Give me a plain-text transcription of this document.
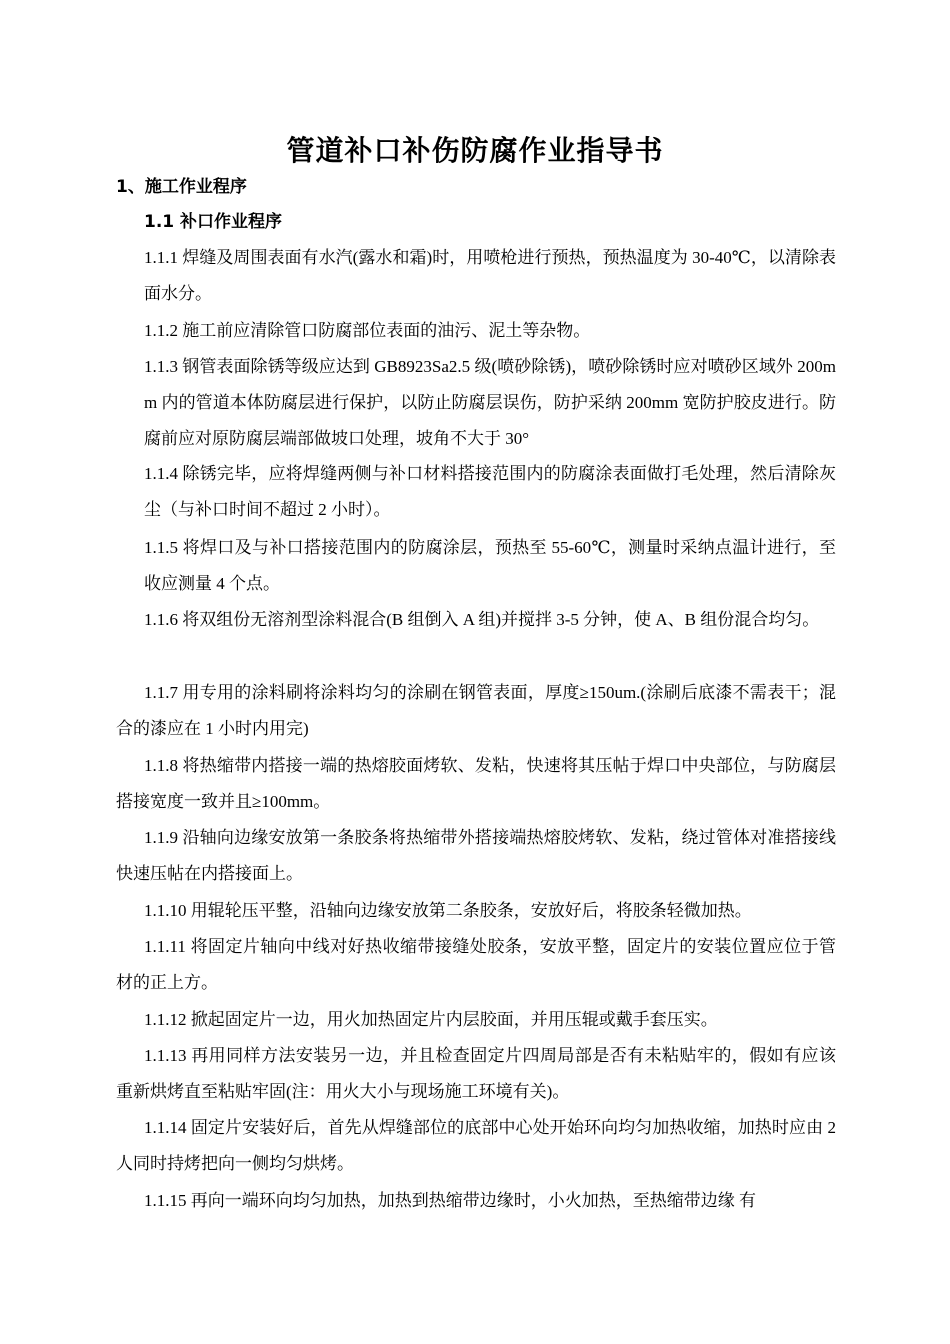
管道补口补伤防腐作业指导书
1、施工作业程序
1.1 补口作业程序
1.1.1 焊缝及周围表面有水汽(露水和霜)时，用喷枪进行预热，预热温度为 30-40℃，以清除表面水分。
1.1.2 施工前应清除管口防腐部位表面的油污、泥土等杂物。
1.1.3 钢管表面除锈等级应达到 GB8923Sa2.5 级(喷砂除锈)，喷砂除锈时应对喷砂区域外 200mm 内的管道本体防腐层进行保护，以防止防腐层误伤，防护采纳 200mm 宽防护胶皮进行。防腐前应对原防腐层端部做坡口处理，坡角不大于 30°
1.1.4 除锈完毕，应将焊缝两侧与补口材料搭接范围内的防腐涂表面做打毛处理，然后清除灰尘（与补口时间不超过 2 小时）。
1.1.5 将焊口及与补口搭接范围内的防腐涂层，预热至 55-60℃，测量时采纳点温计进行，至收应测量 4 个点。
1.1.6 将双组份无溶剂型涂料混合(B 组倒入 A 组)并搅拌 3-5 分钟，使 A、B 组份混合均匀。
1.1.7 用专用的涂料刷将涂料均匀的涂刷在钢管表面，厚度≥150um.(涂刷后底漆不需表干；混合的漆应在 1 小时内用完)
1.1.8 将热缩带内搭接一端的热熔胶面烤软、发粘，快速将其压帖于焊口中央部位，与防腐层搭接宽度一致并且≥100mm。
1.1.9 沿轴向边缘安放第一条胶条将热缩带外搭接端热熔胶烤软、发粘，绕过管体对准搭接线快速压帖在内搭接面上。
1.1.10 用辊轮压平整，沿轴向边缘安放第二条胶条，安放好后，将胶条轻微加热。
1.1.11 将固定片轴向中线对好热收缩带接缝处胶条，安放平整，固定片的安装位置应位于管材的正上方。
1.1.12 掀起固定片一边，用火加热固定片内层胶面，并用压辊或戴手套压实。
1.1.13 再用同样方法安装另一边，并且检查固定片四周局部是否有未粘贴牢的，假如有应该重新烘烤直至粘贴牢固(注：用火大小与现场施工环境有关)。
1.1.14 固定片安装好后，首先从焊缝部位的底部中心处开始环向均匀加热收缩，加热时应由 2 人同时持烤把向一侧均匀烘烤。
1.1.15 再向一端环向均匀加热，加热到热缩带边缘时，小火加热，至热缩带边缘 有
